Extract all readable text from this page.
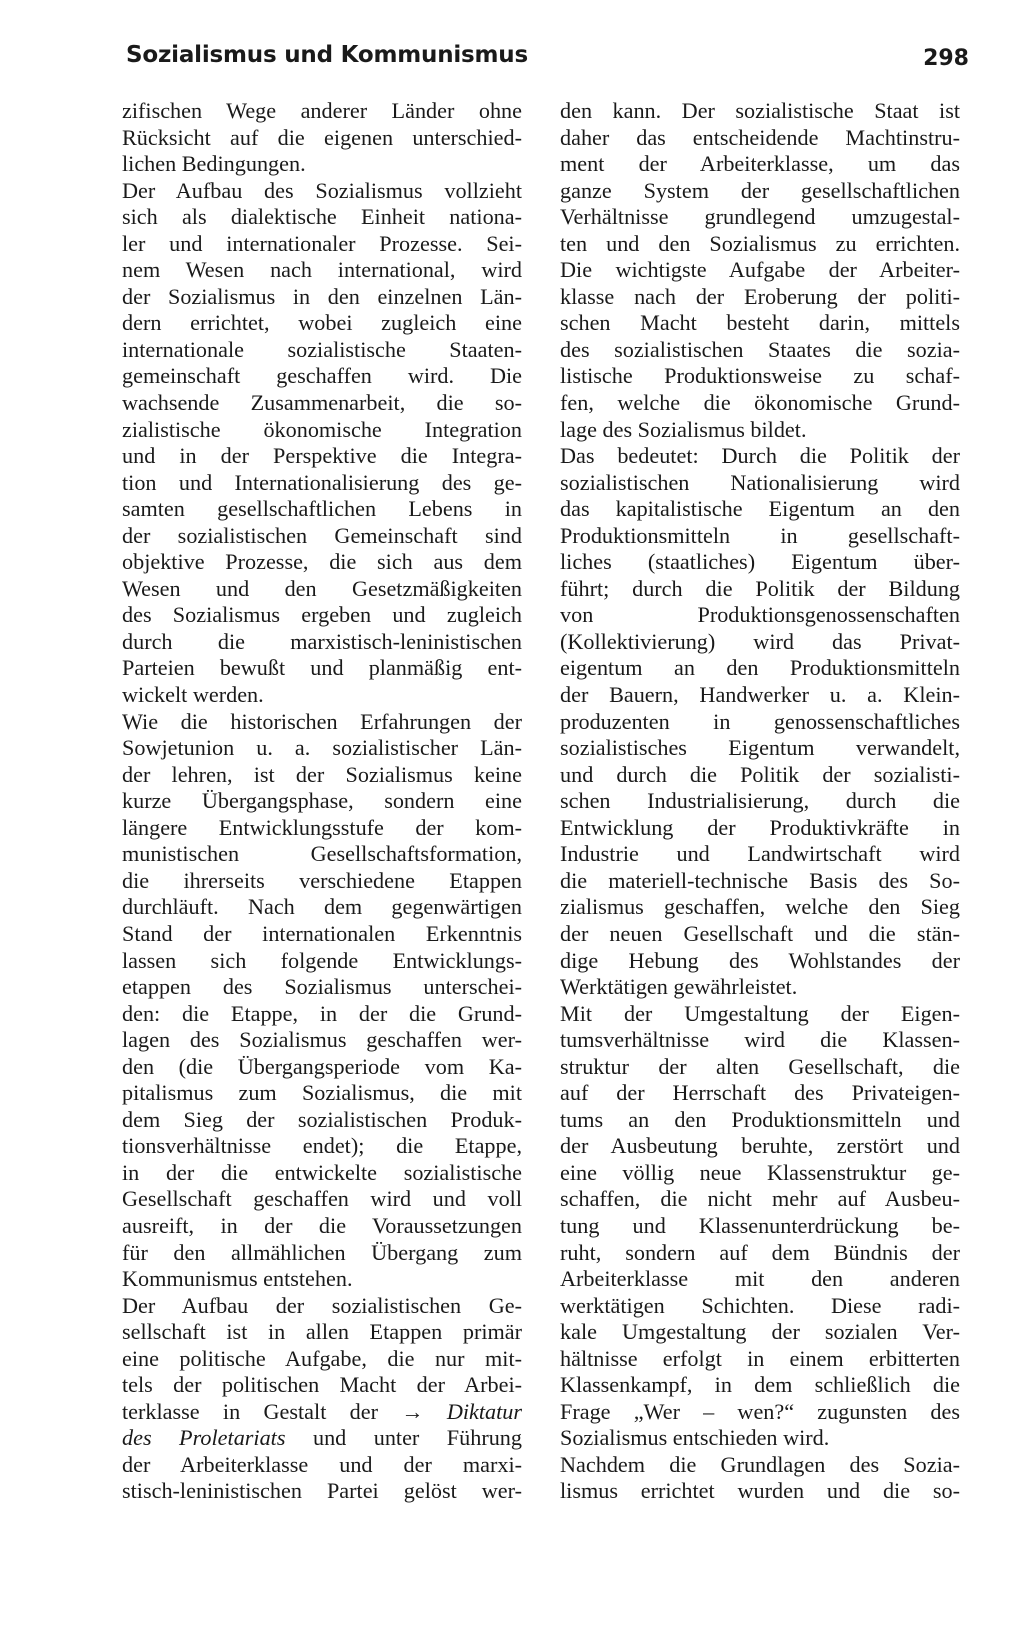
Sozialismus und Kommunismus	298
zifischen Wege anderer Länder ohne
Rücksicht auf die eigenen unterschied-
lichen Bedingungen.
Der Aufbau des Sozialismus vollzieht
sich als dialektische Einheit nationa-
ler und internationaler Prozesse. Sei-
nem Wesen nach international, wird
der Sozialismus in den einzelnen Län-
dern errichtet, wobei zugleich eine
internationale sozialistische Staaten-
gemeinschaft geschaffen wird. Die
wachsende Zusammenarbeit, die so-
zialistische ökonomische Integration
und in der Perspektive die Integra-
tion und Internationalisierung des ge-
samten gesellschaftlichen Lebens in
der sozialistischen Gemeinschaft sind
objektive Prozesse, die sich aus dem
Wesen und den Gesetzmäßigkeiten
des Sozialismus ergeben und zugleich
durch die marxistisch-leninistischen
Parteien bewußt und planmäßig ent-
wickelt werden.
Wie die historischen Erfahrungen der
Sowjetunion u. a. sozialistischer Län-
der lehren, ist der Sozialismus keine
kurze Übergangsphase, sondern eine
längere Entwicklungsstufe der kom-
munistischen Gesellschaftsformation,
die ihrerseits verschiedene Etappen
durchläuft. Nach dem gegenwärtigen
Stand der internationalen Erkenntnis
lassen sich folgende Entwicklungs-
etappen des Sozialismus unterschei-
den: die Etappe, in der die Grund-
lagen des Sozialismus geschaffen wer-
den (die Übergangsperiode vom Ka-
pitalismus zum Sozialismus, die mit
dem Sieg der sozialistischen Produk-
tionsverhältnisse endet); die Etappe,
in der die entwickelte sozialistische
Gesellschaft geschaffen wird und voll
ausreift, in der die Voraussetzungen
für den allmählichen Übergang zum
Kommunismus entstehen.
Der Aufbau der sozialistischen Ge-
sellschaft ist in allen Etappen primär
eine politische Aufgabe, die nur mit-
tels der politischen Macht der Arbei-
terklasse in Gestalt der → Diktatur
des Proletariats und unter Führung
der Arbeiterklasse und der marxi-
stisch-leninistischen Partei gelöst wer-
den kann. Der sozialistische Staat ist
daher das entscheidende Machtinstru-
ment der Arbeiterklasse, um das
ganze System der gesellschaftlichen
Verhältnisse grundlegend umzugestal-
ten und den Sozialismus zu errichten.
Die wichtigste Aufgabe der Arbeiter-
klasse nach der Eroberung der politi-
schen Macht besteht darin, mittels
des sozialistischen Staates die sozia-
listische Produktionsweise zu schaf-
fen, welche die ökonomische Grund-
lage des Sozialismus bildet.
Das bedeutet: Durch die Politik der
sozialistischen Nationalisierung wird
das kapitalistische Eigentum an den
Produktionsmitteln in gesellschaft-
liches (staatliches) Eigentum über-
führt; durch die Politik der Bildung
von Produktionsgenossenschaften
(Kollektivierung) wird das Privat-
eigentum an den Produktionsmitteln
der Bauern, Handwerker u. a. Klein-
produzenten in genossenschaftliches
sozialistisches Eigentum verwandelt,
und durch die Politik der sozialisti-
schen Industrialisierung, durch die
Entwicklung der Produktivkräfte in
Industrie und Landwirtschaft wird
die materiell-technische Basis des So-
zialismus geschaffen, welche den Sieg
der neuen Gesellschaft und die stän-
dige Hebung des Wohlstandes der
Werktätigen gewährleistet.
Mit der Umgestaltung der Eigen-
tumsverhältnisse wird die Klassen-
struktur der alten Gesellschaft, die
auf der Herrschaft des Privateigen-
tums an den Produktionsmitteln und
der Ausbeutung beruhte, zerstört und
eine völlig neue Klassenstruktur ge-
schaffen, die nicht mehr auf Ausbeu-
tung und Klassenunterdrückung be-
ruht, sondern auf dem Bündnis der
Arbeiterklasse mit den anderen
werktätigen Schichten. Diese radi-
kale Umgestaltung der sozialen Ver-
hältnisse erfolgt in einem erbitterten
Klassenkampf, in dem schließlich die
Frage „Wer – wen?“ zugunsten des
Sozialismus entschieden wird.
Nachdem die Grundlagen des Sozia-
lismus errichtet wurden und die so-
